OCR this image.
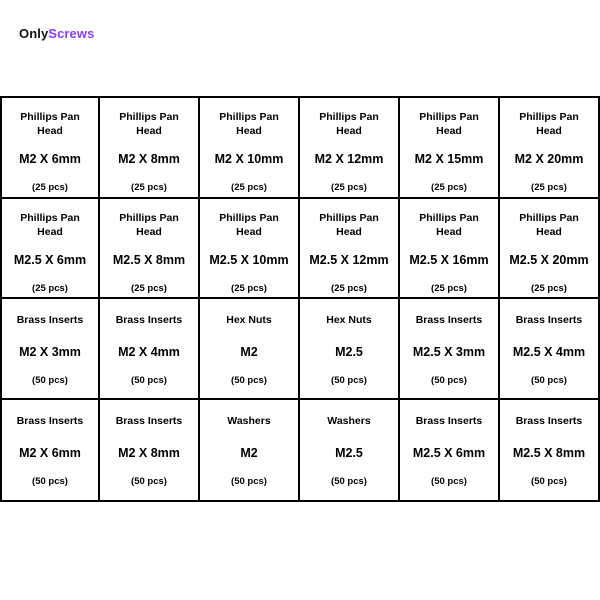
OnlyScrews
Phillips Pan Head
M2 X 6mm
(25 pcs)
Phillips Pan Head
M2 X 8mm
(25 pcs)
Phillips Pan Head
M2 X 10mm
(25 pcs)
Phillips Pan Head
M2 X 12mm
(25 pcs)
Phillips Pan Head
M2 X 15mm
(25 pcs)
Phillips Pan Head
M2 X 20mm
(25 pcs)
Phillips Pan Head
M2.5 X 6mm
(25 pcs)
Phillips Pan Head
M2.5 X 8mm
(25 pcs)
Phillips Pan Head
M2.5 X 10mm
(25 pcs)
Phillips Pan Head
M2.5 X 12mm
(25 pcs)
Phillips Pan Head
M2.5 X 16mm
(25 pcs)
Phillips Pan Head
M2.5 X 20mm
(25 pcs)
Brass Inserts
M2 X 3mm
(50 pcs)
Brass Inserts
M2 X 4mm
(50 pcs)
Hex Nuts
M2
(50 pcs)
Hex Nuts
M2.5
(50 pcs)
Brass Inserts
M2.5 X 3mm
(50 pcs)
Brass Inserts
M2.5 X 4mm
(50 pcs)
Brass Inserts
M2 X 6mm
(50 pcs)
Brass Inserts
M2 X 8mm
(50 pcs)
Washers
M2
(50 pcs)
Washers
M2.5
(50 pcs)
Brass Inserts
M2.5 X 6mm
(50 pcs)
Brass Inserts
M2.5 X 8mm
(50 pcs)
